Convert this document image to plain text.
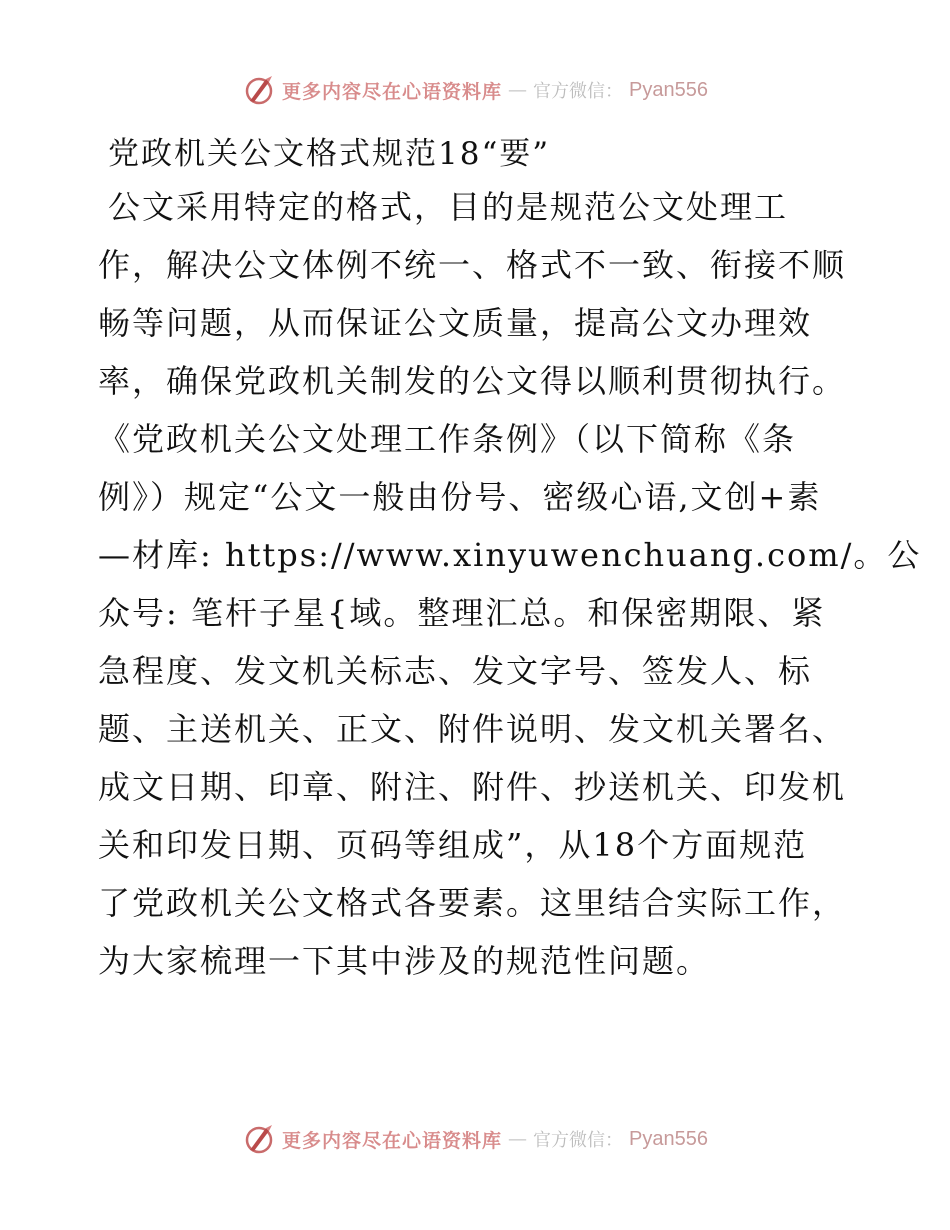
更多内容尽在心语资料库 — 官方微信： Pyan556
党政机关公文格式规范18“要”
公文采用特定的格式，目的是规范公文处理工
作，解决公文体例不统一、格式不一致、衔接不顺
畅等问题，从而保证公文质量，提高公文办理效
率，确保党政机关制发的公文得以顺利贯彻执行。
《党政机关公文处理工作条例》（以下简称《条
例》）规定“公文一般由份号、密级心语,文创+素
—材库: https://www.xinyuwenchuang.com/。公
众号: 笔杆子星{域。整理汇总。和保密期限、紧
急程度、发文机关标志、发文字号、签发人、标
题、主送机关、正文、附件说明、发文机关署名、
成文日期、印章、附注、附件、抄送机关、印发机
关和印发日期、页码等组成”，从18个方面规范
了党政机关公文格式各要素。这里结合实际工作，
为大家梳理一下其中涉及的规范性问题。
更多内容尽在心语资料库 — 官方微信： Pyan556
